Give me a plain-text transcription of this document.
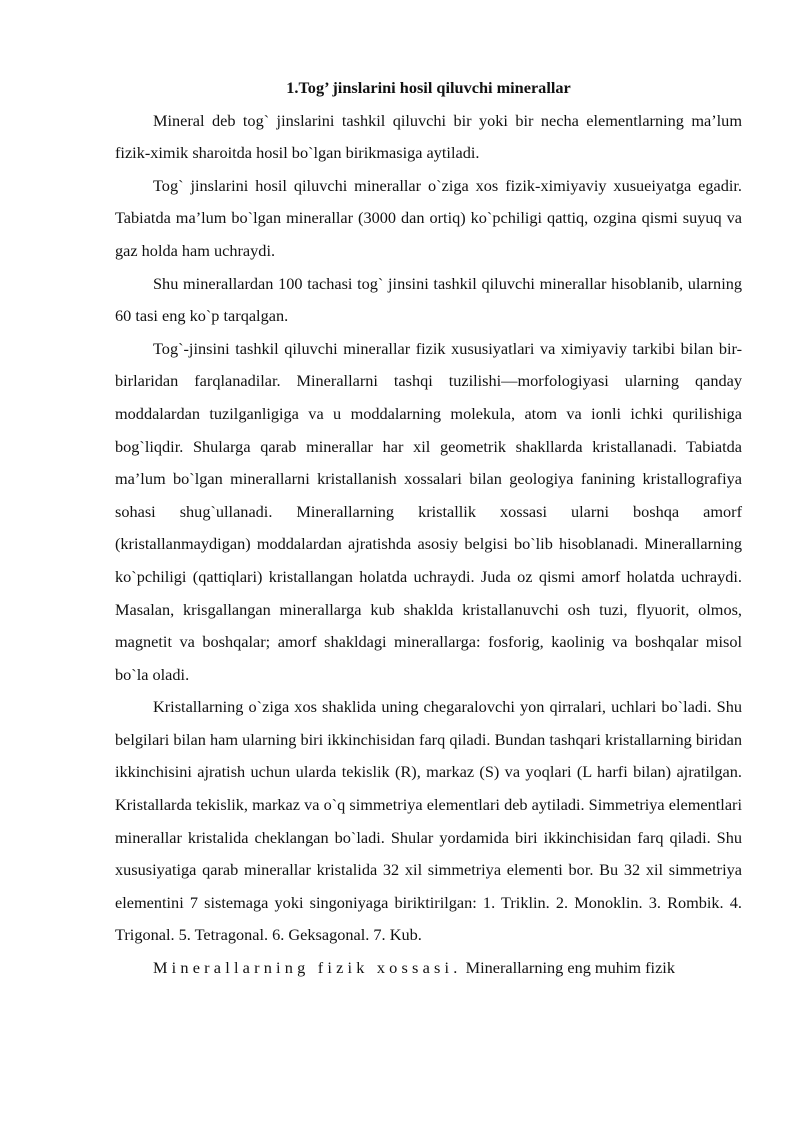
1.Tog’ jinslarini hosil qiluvchi minerallar

Mineral deb tog` jinslarini tashkil qiluvchi bir yoki bir necha elementlarning ma’lum fizik-ximik sharoitda hosil bo`lgan birikmasiga aytiladi.

Tog` jinslarini hosil qiluvchi minerallar o`ziga xos fizik-ximiyaviy xusueiyatga egadir. Tabiatda ma’lum bo`lgan minerallar (3000 dan ortiq) ko`pchiligi qattiq, ozgina qismi suyuq va gaz holda ham uchraydi.

Shu minerallardan 100 tachasi tog` jinsini tashkil qiluvchi minerallar hisoblanib, ularning 60 tasi eng ko`p tarqalgan.

Tog`-jinsini tashkil qiluvchi minerallar fizik xususiyatlari va ximiyaviy tarkibi bilan bir-birlaridan farqlanadilar. Minerallarni tashqi tuzilishi—morfologiyasi ularning qanday moddalardan tuzilganligiga va u moddalarning molekula, atom va ionli ichki qurilishiga bog`liqdir. Shularga qarab minerallar har xil geometrik shakllarda kristallanadi. Tabiatda ma’lum bo`lgan minerallarni kristallanish xossalari bilan geologiya fanining kristallografiya sohasi shug`ullanadi. Minerallarning kristallik xossasi ularni boshqa amorf (kristallanmaydigan) moddalardan ajratishda asosiy belgisi bo`lib hisoblanadi. Minerallarning ko`pchiligi (qattiqlari) kristallangan holatda uchraydi. Juda oz qismi amorf holatda uchraydi. Masalan, krisgallangan minerallarga kub shaklda kristallanuvchi osh tuzi, flyuorit, olmos, magnetit va boshqalar; amorf shakldagi minerallarga: fosforig, kaolinig va boshqalar misol bo`la oladi.

Kristallarning o`ziga xos shaklida uning chegaralovchi yon qirralari, uchlari bo`ladi. Shu belgilari bilan ham ularning biri ikkinchisidan farq qiladi. Bundan tashqari kristallarning biridan ikkinchisini ajratish uchun ularda tekislik (R), markaz (S) va yoqlari (L harfi bilan) ajratilgan. Kristallarda tekislik, markaz va o`q simmetriya elementlari deb aytiladi. Simmetriya elementlari minerallar kristalida cheklangan bo`ladi. Shular yordamida biri ikkinchisidan farq qiladi. Shu xususiyatiga qarab minerallar kristalida 32 xil simmetriya elementi bor. Bu 32 xil simmetriya elementini 7 sistemaga yoki singoniyaga biriktirilgan: 1. Triklin. 2. Monoklin. 3. Rombik. 4. Trigonal. 5. Tetragonal. 6. Geksagonal. 7. Kub.

Minerallarning fizik xossasi. Minerallarning eng muhim fizik
